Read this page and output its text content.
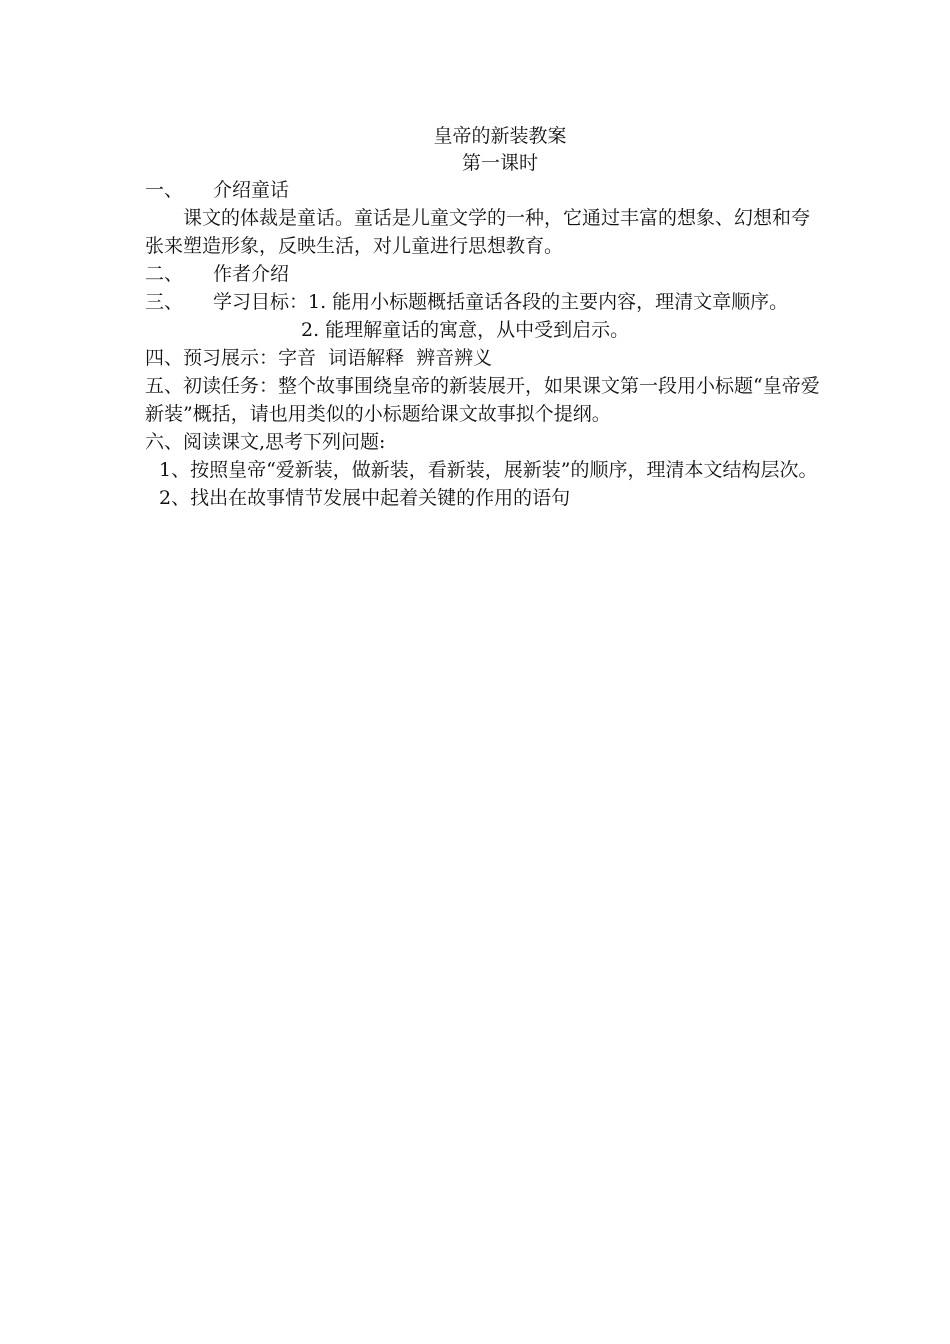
皇帝的新装教案
第一课时
一、 介绍童话
课文的体裁是童话。童话是儿童文学的一种，它通过丰富的想象、幻想和夸张来塑造形象，反映生活，对儿童进行思想教育。
二、 作者介绍
三、 学习目标：1. 能用小标题概括童话各段的主要内容，理清文章顺序。
2. 能理解童话的寓意，从中受到启示。
四、预习展示：字音  词语解释  辨音辨义
五、初读任务：整个故事围绕皇帝的新装展开，如果课文第一段用小标题“皇帝爱新装”概括，请也用类似的小标题给课文故事拟个提纲。
六、阅读课文,思考下列问题:
1、按照皇帝“爱新装，做新装，看新装，展新装”的顺序，理清本文结构层次。
2、找出在故事情节发展中起着关键的作用的语句
